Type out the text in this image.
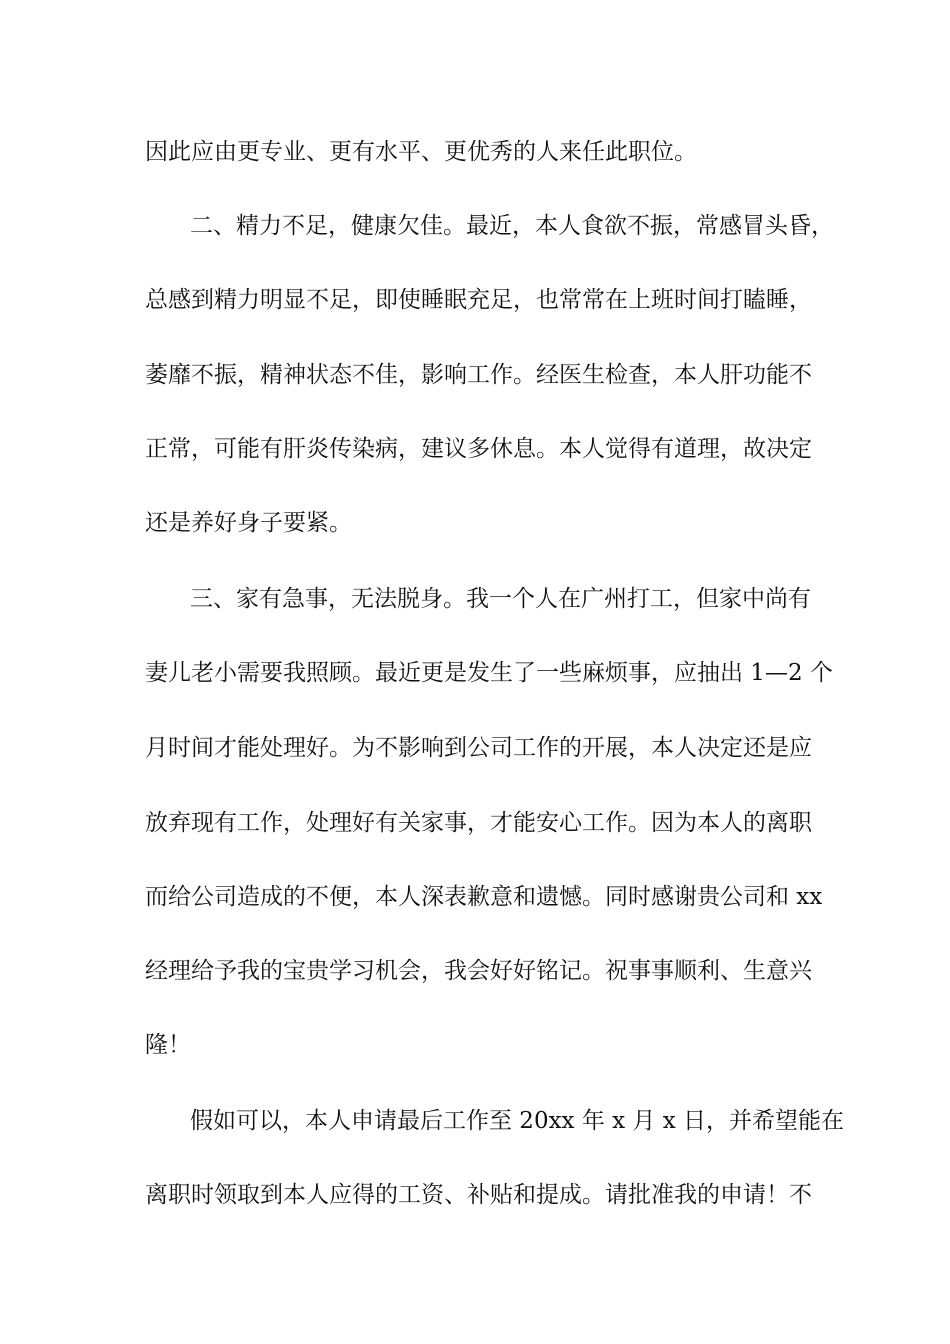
因此应由更专业、更有水平、更优秀的人来任此职位。
二、精力不足，健康欠佳。最近，本人食欲不振，常感冒头昏，
总感到精力明显不足，即使睡眠充足，也常常在上班时间打瞌睡，
萎靡不振，精神状态不佳，影响工作。经医生检查，本人肝功能不
正常，可能有肝炎传染病，建议多休息。本人觉得有道理，故决定
还是养好身子要紧。
三、家有急事，无法脱身。我一个人在广州打工，但家中尚有
妻儿老小需要我照顾。最近更是发生了一些麻烦事，应抽出 1—2 个
月时间才能处理好。为不影响到公司工作的开展，本人决定还是应
放弃现有工作，处理好有关家事，才能安心工作。因为本人的离职
而给公司造成的不便，本人深表歉意和遗憾。同时感谢贵公司和 xx
经理给予我的宝贵学习机会，我会好好铭记。祝事事顺利、生意兴
隆！
假如可以，本人申请最后工作至 20xx 年 x 月 x 日，并希望能在
离职时领取到本人应得的工资、补贴和提成。请批准我的申请！不
